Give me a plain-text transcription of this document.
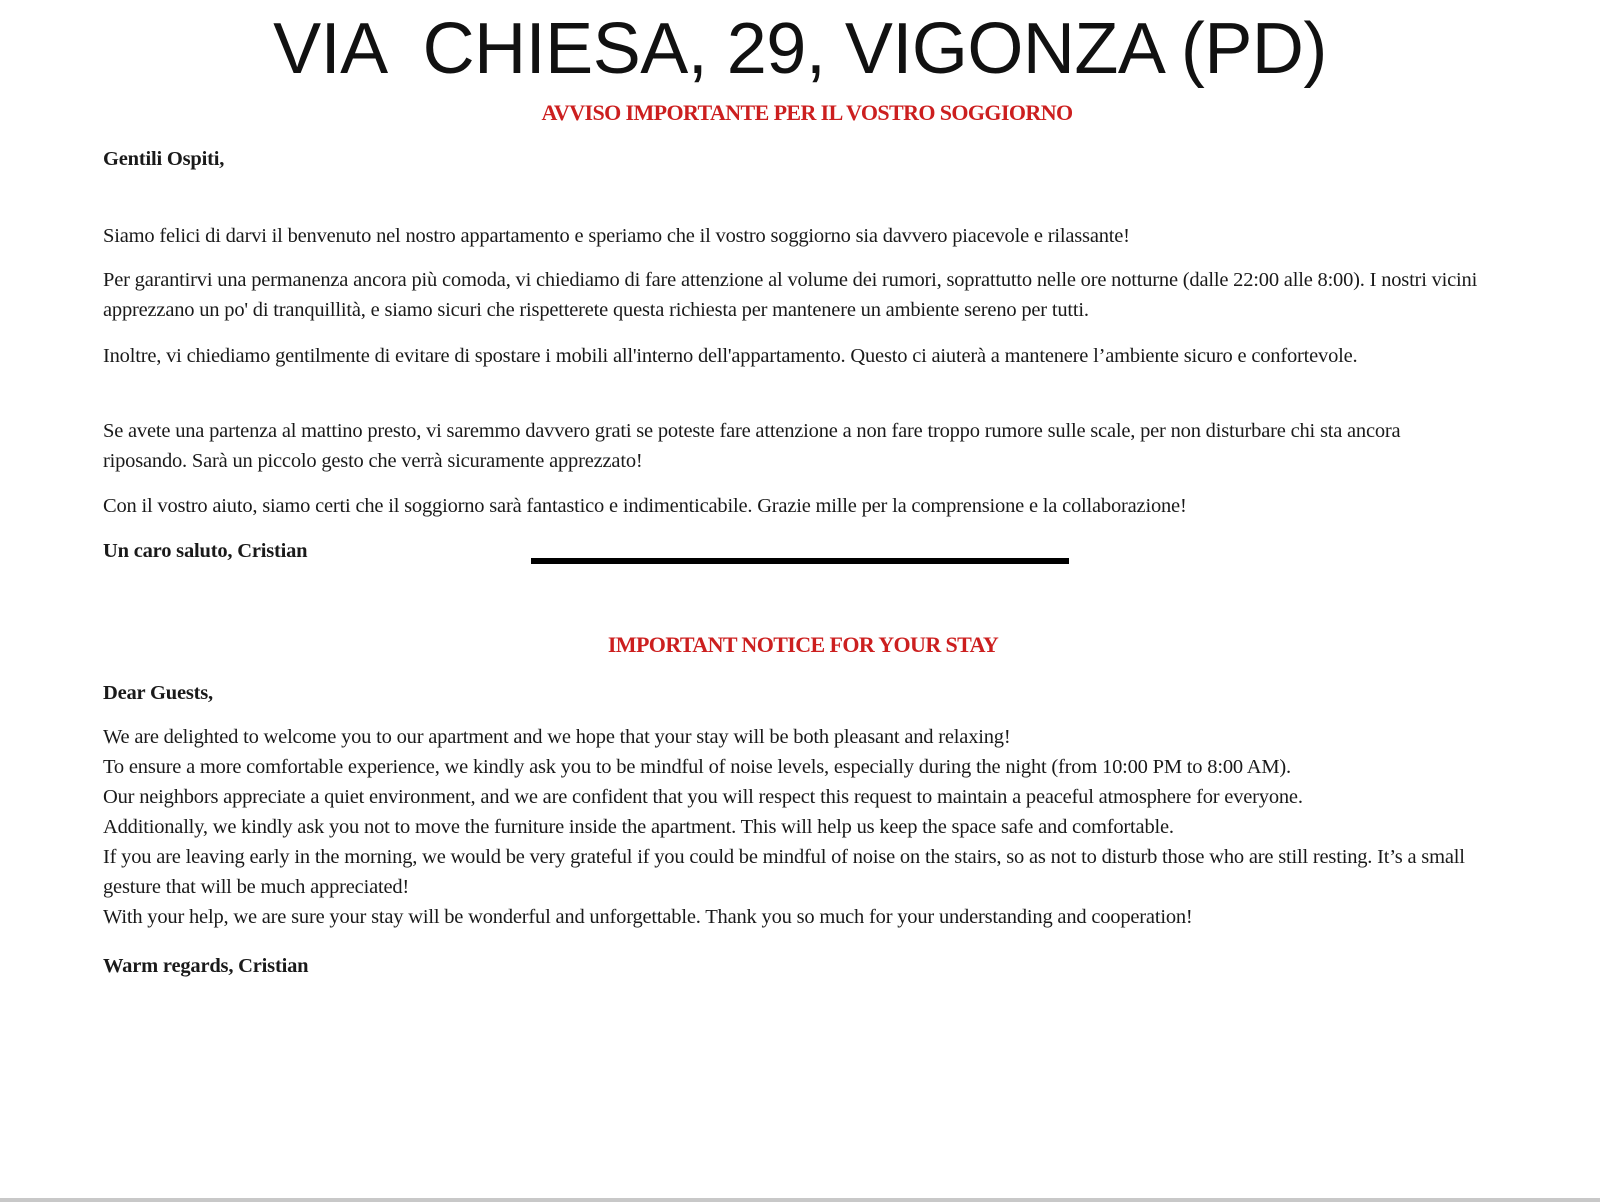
VIA  CHIESA, 29, VIGONZA (PD)
AVVISO IMPORTANTE PER IL VOSTRO SOGGIORNO
Gentili Ospiti,

Siamo felici di darvi il benvenuto nel nostro appartamento e speriamo che il vostro soggiorno sia davvero piacevole e rilassante!

Per garantirvi una permanenza ancora più comoda, vi chiediamo di fare attenzione al volume dei rumori, soprattutto nelle ore notturne (dalle 22:00 alle 8:00). I nostri vicini apprezzano un po' di tranquillità, e siamo sicuri che rispetterete questa richiesta per mantenere un ambiente sereno per tutti.

Inoltre, vi chiediamo gentilmente di evitare di spostare i mobili all'interno dell'appartamento. Questo ci aiuterà a mantenere l’ambiente sicuro e confortevole.

Se avete una partenza al mattino presto, vi saremmo davvero grati se poteste fare attenzione a non fare troppo rumore sulle scale, per non disturbare chi sta ancora riposando. Sarà un piccolo gesto che verrà sicuramente apprezzato!

Con il vostro aiuto, siamo certi che il soggiorno sarà fantastico e indimenticabile. Grazie mille per la comprensione e la collaborazione!

Un caro saluto, Cristian
IMPORTANT NOTICE FOR YOUR STAY
Dear Guests,
We are delighted to welcome you to our apartment and we hope that your stay will be both pleasant and relaxing!
To ensure a more comfortable experience, we kindly ask you to be mindful of noise levels, especially during the night (from 10:00 PM to 8:00 AM).
Our neighbors appreciate a quiet environment, and we are confident that you will respect this request to maintain a peaceful atmosphere for everyone.
Additionally, we kindly ask you not to move the furniture inside the apartment. This will help us keep the space safe and comfortable.
If you are leaving early in the morning, we would be very grateful if you could be mindful of noise on the stairs, so as not to disturb those who are still resting. It’s a small gesture that will be much appreciated!
With your help, we are sure your stay will be wonderful and unforgettable. Thank you so much for your understanding and cooperation!
Warm regards, Cristian
